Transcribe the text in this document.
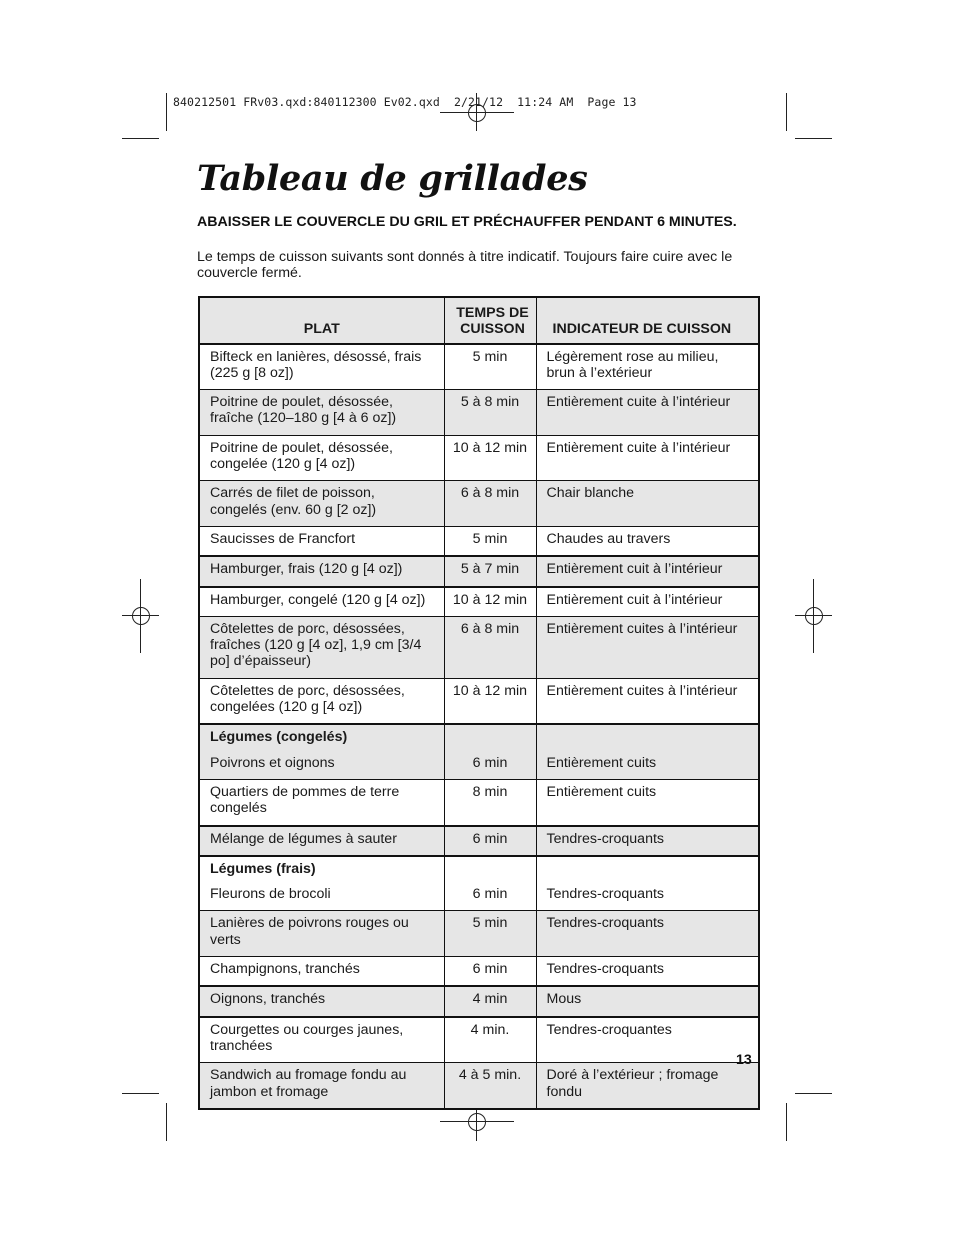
840212501 FRv03.qxd:840112300 Ev02.qxd  2/21/12  11:24 AM  Page 13
Tableau de grillades
ABAISSER LE COUVERCLE DU GRIL ET PRÉCHAUFFER PENDANT 6 MINUTES.
Le temps de cuisson suivants sont donnés à titre indicatif. Toujours faire cuire avec le couvercle fermé.
PLAT	TEMPS DE CUISSON	INDICATEUR DE CUISSON
Bifteck en lanières, désossé, frais (225 g [8 oz])	5 min	Légèrement rose au milieu, brun à l’extérieur
Poitrine de poulet, désossée, fraîche (120–180 g [4 à 6 oz])	5 à 8 min	Entièrement cuite à l’intérieur
Poitrine de poulet, désossée, congelée (120 g [4 oz])	10 à 12 min	Entièrement cuite à l’intérieur
Carrés de filet de poisson, congelés (env. 60 g [2 oz])	6 à 8 min	Chair blanche
Saucisses de Francfort	5 min	Chaudes au travers
Hamburger, frais (120 g [4 oz])	5 à 7 min	Entièrement cuit à l’intérieur
Hamburger, congelé (120 g [4 oz])	10 à 12 min	Entièrement cuit à l’intérieur
Côtelettes de porc, désossées, fraîches (120 g [4 oz], 1,9 cm [3/4 po] d’épaisseur)	6 à 8 min	Entièrement cuites à l’intérieur
Côtelettes de porc, désossées, congelées (120 g [4 oz])	10 à 12 min	Entièrement cuites à l’intérieur
Légumes (congelés)		
Poivrons et oignons	6 min	Entièrement cuits
Quartiers de pommes de terre congelés	8 min	Entièrement cuits
Mélange de légumes à sauter	6 min	Tendres-croquants
Légumes (frais)		
Fleurons de brocoli	6 min	Tendres-croquants
Lanières de poivrons rouges ou verts	5 min	Tendres-croquants
Champignons, tranchés	6 min	Tendres-croquants
Oignons, tranchés	4 min	Mous
Courgettes ou courges jaunes, tranchées	4 min.	Tendres-croquantes
Sandwich au fromage fondu au jambon et fromage	4 à 5 min.	Doré à l’extérieur ; fromage fondu
13
